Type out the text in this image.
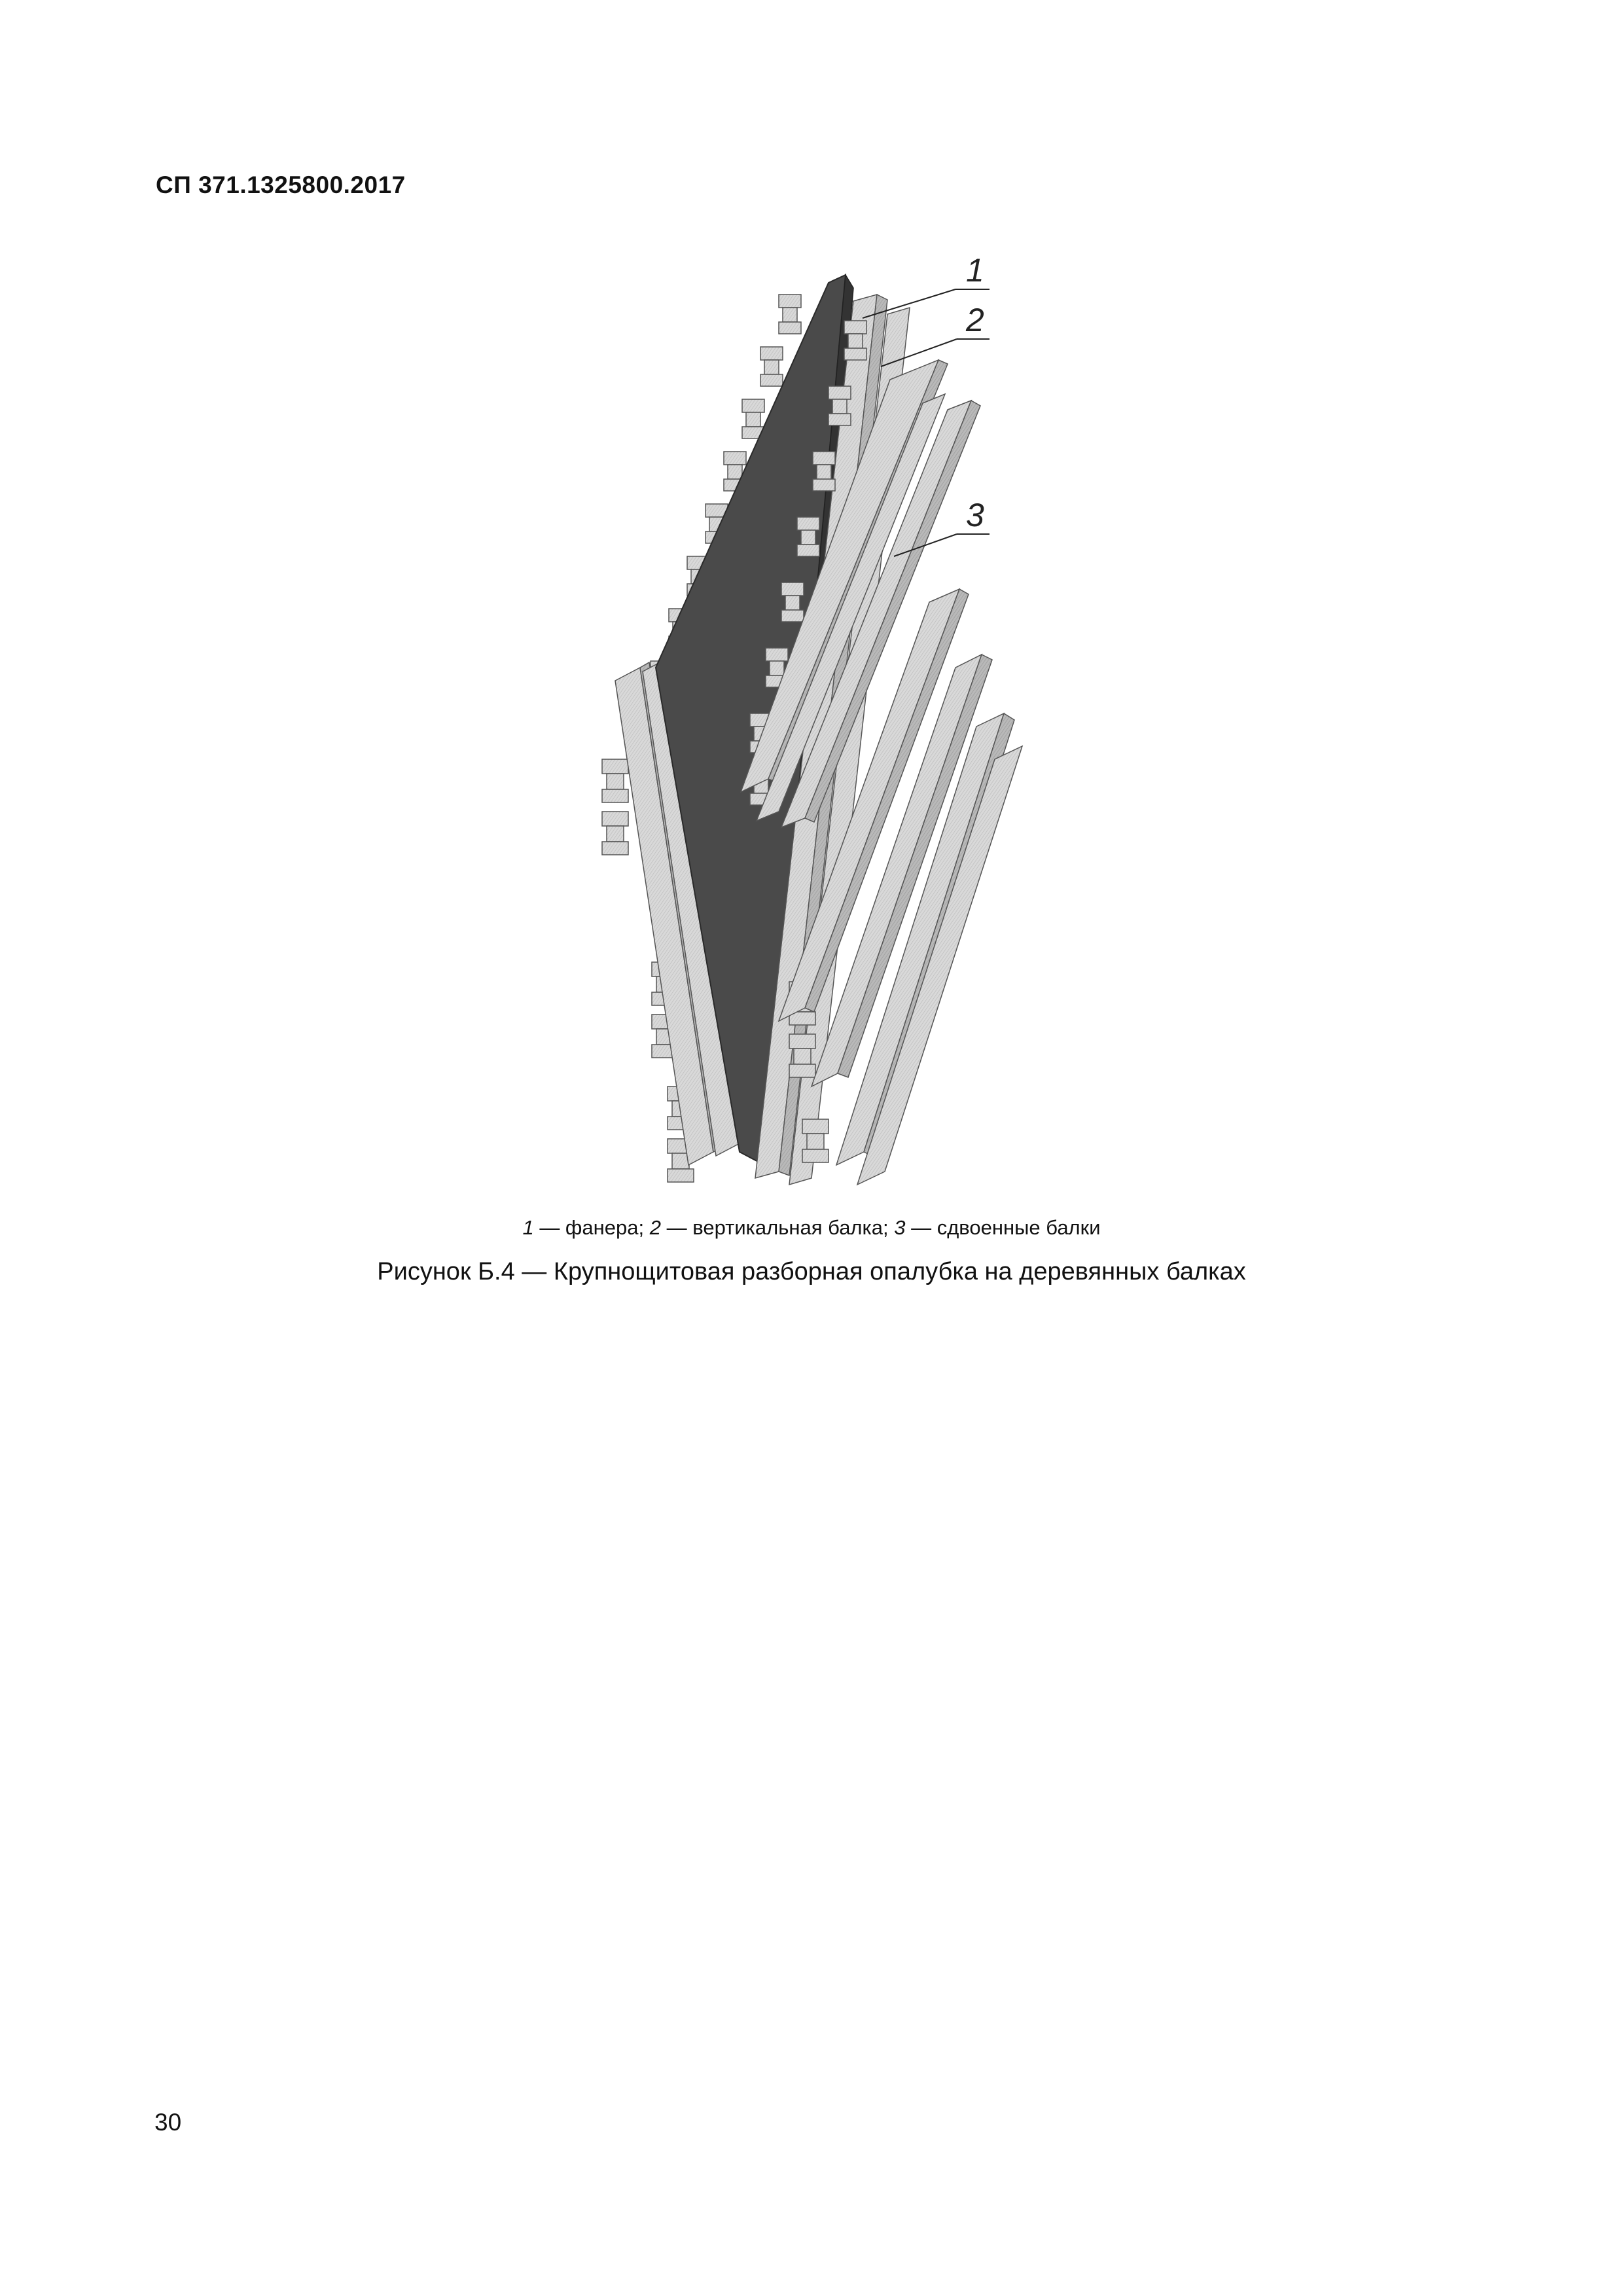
СП 371.1325800.2017
1
2
3
1 — фанера; 2 — вертикальная балка; 3 — сдвоенные балки
Рисунок Б.4 — Крупнощитовая разборная опалубка на деревянных балках
30
